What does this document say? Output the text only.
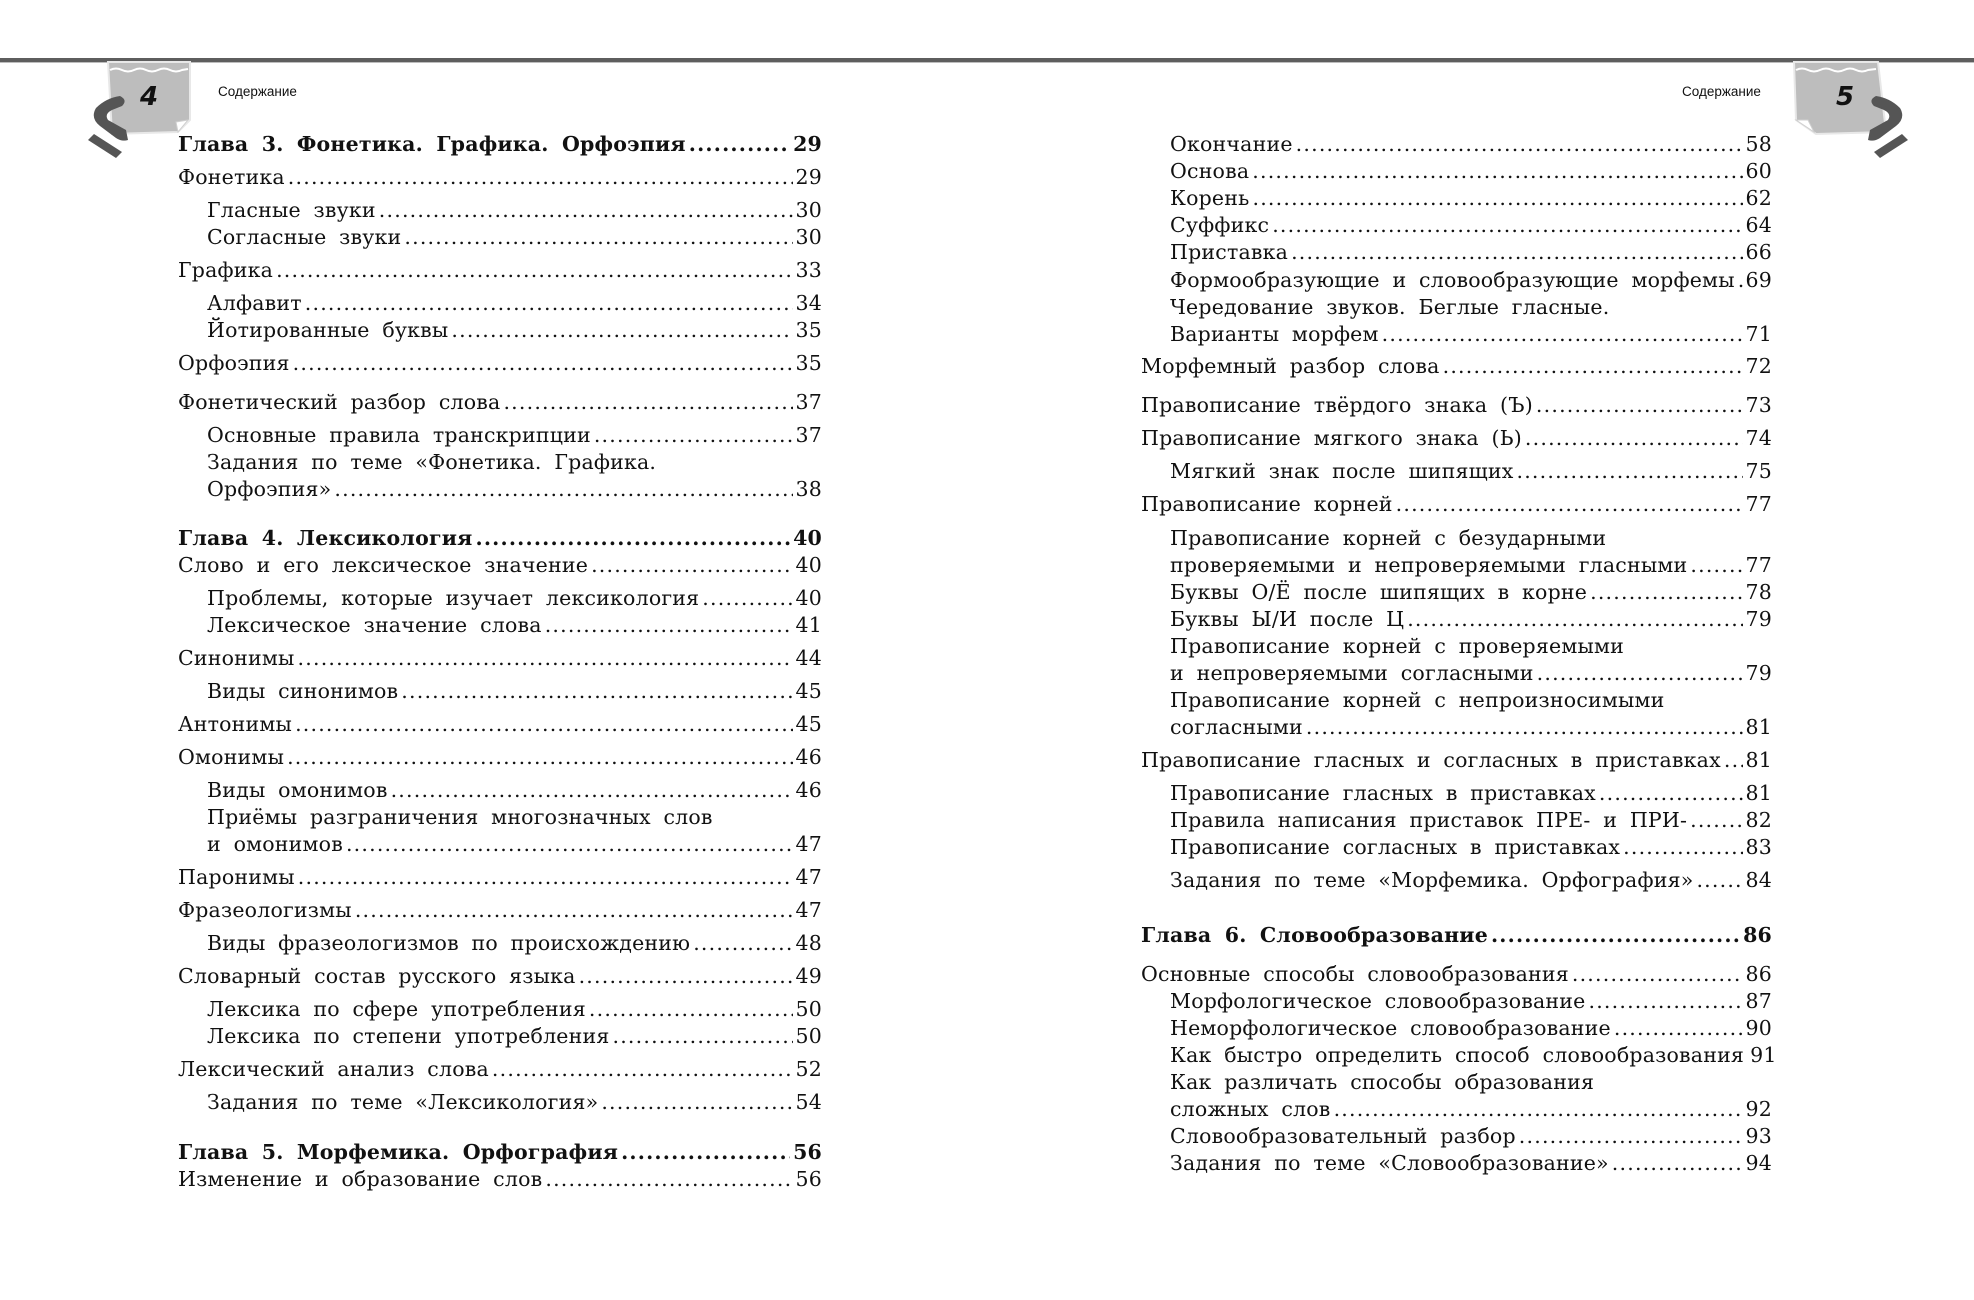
4	Содержание	Содержание	5
Глава 3. Фонетика. Графика. Орфоэпия .....	29
Фонетика .....	29
Гласные звуки .....	30
Согласные звуки .....	30
Графика .....	33
Алфавит .....	34
Йотированные буквы .....	35
Орфоэпия .....	35
Фонетический разбор слова .....	37
Основные правила транскрипции .....	37
Задания по теме «Фонетика. Графика.
Орфоэпия» .....	38
Глава 4. Лексикология .....	40
Слово и его лексическое значение .....	40
Проблемы, которые изучает лексикология .....	40
Лексическое значение слова .....	41
Синонимы .....	44
Виды синонимов .....	45
Антонимы .....	45
Омонимы .....	46
Виды омонимов .....	46
Приёмы разграничения многозначных слов
и омонимов .....	47
Паронимы .....	47
Фразеологизмы .....	47
Виды фразеологизмов по происхождению .....	48
Словарный состав русского языка .....	49
Лексика по сфере употребления .....	50
Лексика по степени употребления .....	50
Лексический анализ слова .....	52
Задания по теме «Лексикология» .....	54
Глава 5. Морфемика. Орфография .....	56
Изменение и образование слов .....	56
Окончание .....	58
Основа .....	60
Корень .....	62
Суффикс .....	64
Приставка .....	66
Формообразующие и словообразующие морфемы ..... 69
Чередование звуков. Беглые гласные.
Варианты морфем .....	71
Морфемный разбор слова .....	72
Правописание твёрдого знака (Ъ) .....	73
Правописание мягкого знака (Ь) .....	74
Мягкий знак после шипящих .....	75
Правописание корней .....	77
Правописание корней с безударными
проверяемыми и непроверяемыми гласными .....	77
Буквы О/Ё после шипящих в корне .....	78
Буквы Ы/И после Ц .....	79
Правописание корней с проверяемыми
и непроверяемыми согласными .....	79
Правописание корней с непроизносимыми
согласными .....	81
Правописание гласных и согласных в приставках ..... 81
Правописание гласных в приставках .....	81
Правила написания приставок ПРЕ- и ПРИ- .....	82
Правописание согласных в приставках .....	83
Задания по теме «Морфемика. Орфография» .....	84
Глава 6. Словообразование .....	86
Основные способы словообразования .....	86
Морфологическое словообразование .....	87
Неморфологическое словообразование .....	90
Как быстро определить способ словообразования 91
Как различать способы образования
сложных слов .....	92
Словообразовательный разбор .....	93
Задания по теме «Словообразование» .....	94
